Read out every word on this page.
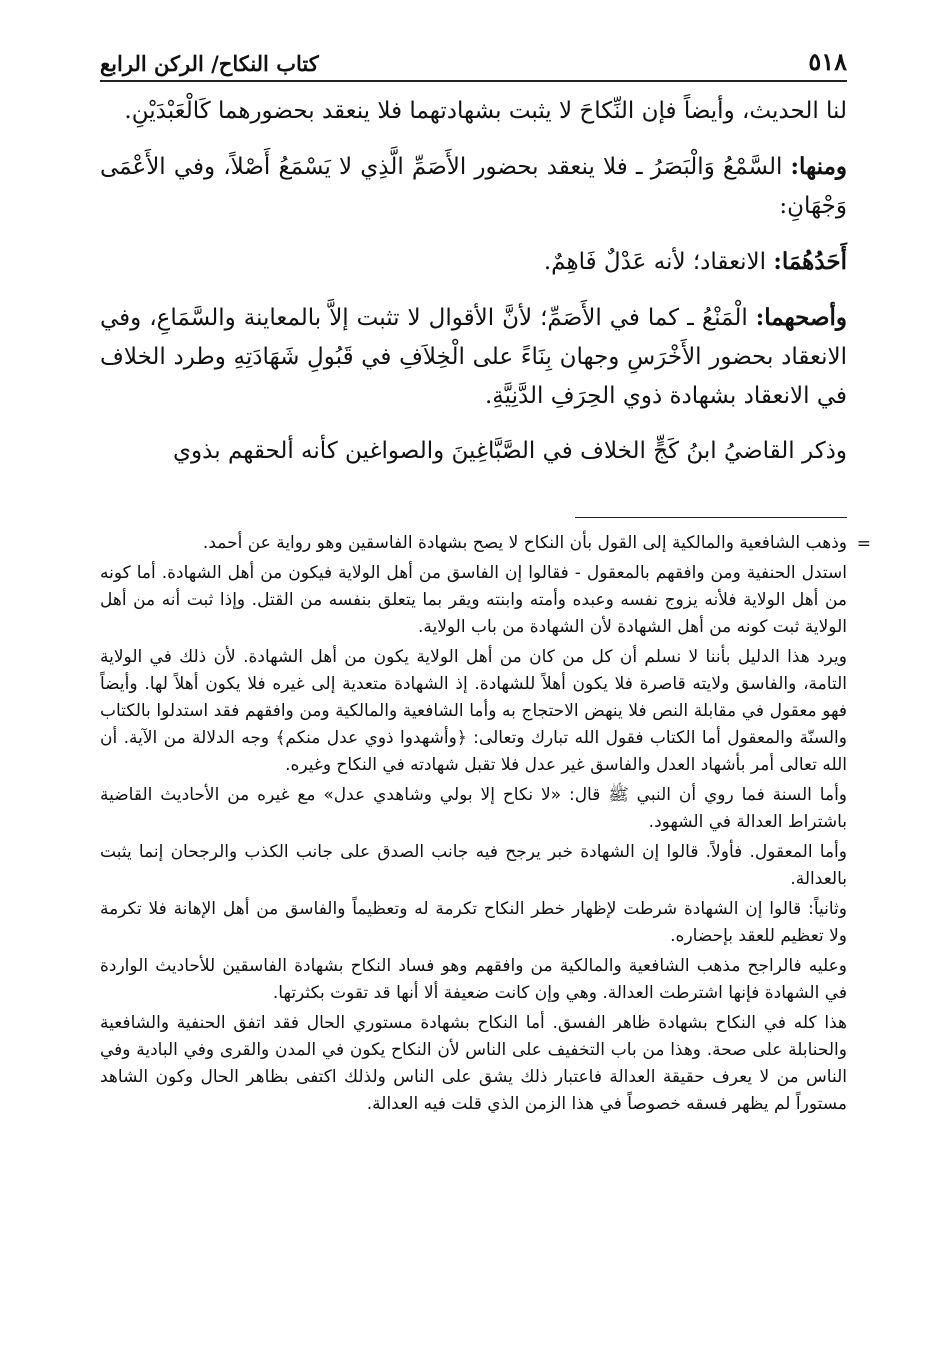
٥١٨
كتاب النكاح/ الركن الرابع

لنا الحديث، وأيضاً فإن النِّكاحَ لا يثبت بشهادتهما فلا ينعقد بحضورهما كَالْعَبْدَيْنِ.

ومنها: السَّمْعُ وَالْبَصَرُ ـ فلا ينعقد بحضور الأَصَمِّ الَّذِي لا يَسْمَعُ أَصْلاً، وفي الأَعْمَى وَجْهَانِ:

أَحَدُهُمَا: الانعقاد؛ لأنه عَدْلٌ فَاهِمٌ.

وأصحهما: الْمَنْعُ ـ كما في الأَصَمِّ؛ لأنَّ الأقوال لا تثبت إلاَّ بالمعاينة والسَّمَاعِ، وفي الانعقاد بحضور الأَخْرَسِ وجهان بِنَاءً على الْخِلاَفِ في قَبُولِ شَهَادَتِهِ وطرد الخلاف في الانعقاد بشهادة ذوي الحِرَفِ الدَّنِيَّةِ.

وذكر القاضيُ ابنُ كَجٍّ الخلاف في الصَّبَّاغِينَ والصواغين كأنه ألحقهم بذوي

=

وذهب الشافعية والمالكية إلى القول بأن النكاح لا يصح بشهادة الفاسقين وهو رواية عن أحمد.

استدل الحنفية ومن وافقهم بالمعقول - فقالوا إن الفاسق من أهل الولاية فيكون من أهل الشهادة. أما كونه من أهل الولاية فلأنه يزوج نفسه وعبده وأمته وابنته ويقر بما يتعلق بنفسه من القتل. وإذا ثبت أنه من أهل الولاية ثبت كونه من أهل الشهادة لأن الشهادة من باب الولاية.

ويرد هذا الدليل بأننا لا نسلم أن كل من كان من أهل الولاية يكون من أهل الشهادة. لأن ذلك في الولاية التامة، والفاسق ولايته قاصرة فلا يكون أهلاً للشهادة. إذ الشهادة متعدية إلى غيره فلا يكون أهلاً لها. وأيضاً فهو معقول في مقابلة النص فلا ينهض الاحتجاج به وأما الشافعية والمالكية ومن وافقهم فقد استدلوا بالكتاب والسنّة والمعقول أما الكتاب فقول الله تبارك وتعالى: ﴿وأشهدوا ذوي عدل منكم﴾ وجه الدلالة من الآية. أن الله تعالى أمر بأشهاد العدل والفاسق غير عدل فلا تقبل شهادته في النكاح وغيره.

وأما السنة فما روي أن النبي ﷺ قال: «لا نكاح إلا بولي وشاهدي عدل» مع غيره من الأحاديث القاضية باشتراط العدالة في الشهود.

وأما المعقول. فأولاً. قالوا إن الشهادة خبر يرجح فيه جانب الصدق على جانب الكذب والرجحان إنما يثبت بالعدالة.

وثانياً: قالوا إن الشهادة شرطت لإظهار خطر النكاح تكرمة له وتعظيماً والفاسق من أهل الإهانة فلا تكرمة ولا تعظيم للعقد بإحضاره.

وعليه فالراجح مذهب الشافعية والمالكية من وافقهم وهو فساد النكاح بشهادة الفاسقين للأحاديث الواردة في الشهادة فإنها اشترطت العدالة. وهي وإن كانت ضعيفة ألا أنها قد تقوت بكثرتها.

هذا كله في النكاح بشهادة ظاهر الفسق. أما النكاح بشهادة مستوري الحال فقد اتفق الحنفية والشافعية والحنابلة على صحة. وهذا من باب التخفيف على الناس لأن النكاح يكون في المدن والقرى وفي البادية وفي الناس من لا يعرف حقيقة العدالة فاعتبار ذلك يشق على الناس ولذلك اكتفى بظاهر الحال وكون الشاهد مستوراً لم يظهر فسقه خصوصاً في هذا الزمن الذي قلت فيه العدالة.
